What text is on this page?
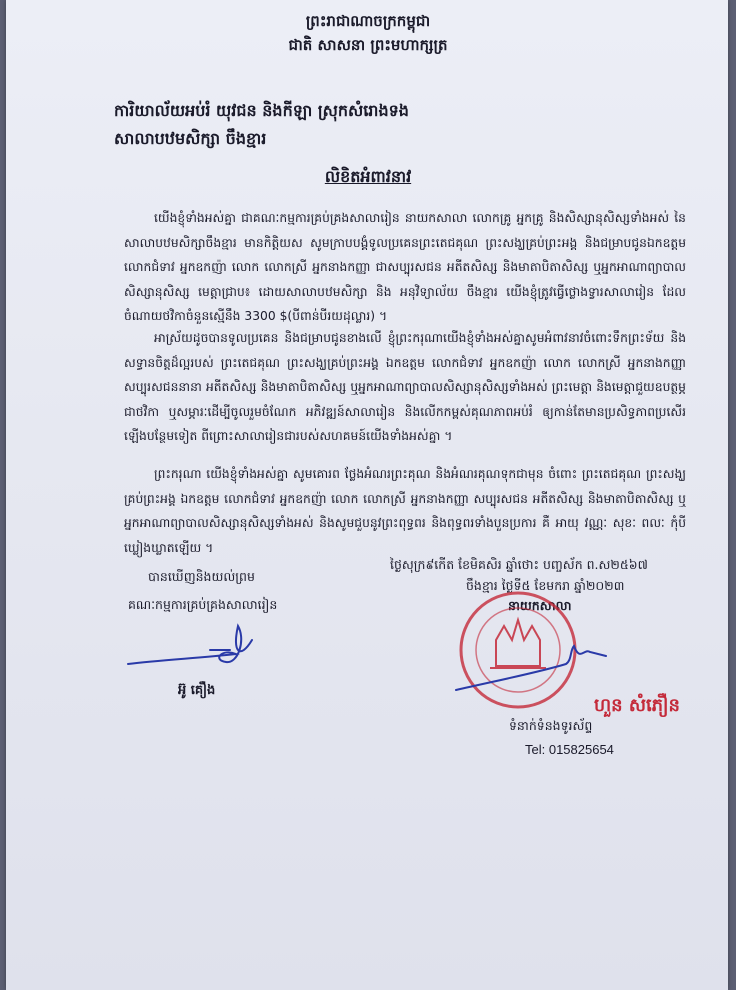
ព្រះរាជាណាចក្រកម្ពុជា
ជាតិ សាសនា ព្រះមហាក្សត្រ
ការិយាល័យអប់រំ យុវជន និងកីឡា ស្រុកសំរោងទង
សាលាបឋមសិក្សា ចឹងខ្មារ
លិខិតអំពាវនាវ
យើងខ្ញុំទាំងអស់គ្នា ជាគណៈកម្មការគ្រប់គ្រងសាលារៀន នាយកសាលា លោកគ្រូ អ្នកគ្រូ និងសិស្សានុសិស្សទាំងអស់ នៃសាលាបឋមសិក្សាចឹងខ្មារ មានកិត្តិយស សូមក្រាបបង្គំទូលប្រគេនព្រះតេជគុណ ព្រះសង្ឃគ្រប់ព្រះអង្គ និងជម្រាបជូនឯកឧត្តម លោកជំទាវ អ្នកឧកញ៉ា លោក លោកស្រី អ្នកនាងកញ្ញា ជាសប្បុរសជន អតីតសិស្ស និងមាតាបិតាសិស្ស ឬអ្នកអាណាព្យាបាលសិស្សានុសិស្ស មេត្តាជ្រាប៖ ដោយសាលាបឋមសិក្សា និង អនុវិទ្យាល័យ ចឹងខ្មារ យើងខ្ញុំត្រូវធ្វើថ្លោងទ្វារសាលារៀន ដែលចំណាយថវិកាចំនួនស្មើនឹង 3300 $(បីពាន់បីរយដុល្លារ) ។
អាស្រ័យដូចបានទូលប្រគេន និងជម្រាបជូនខាងលើ ខ្ញុំព្រះករុណាយើងខ្ញុំទាំងអស់គ្នាសូមអំពាវនាវចំពោះទឹកព្រះទ័យ និងសទ្ធានចិត្តដ៏ល្អរបស់ ព្រះតេជគុណ ព្រះសង្ឃគ្រប់ព្រះអង្គ ឯកឧត្តម លោកជំទាវ អ្នកឧកញ៉ា លោក លោកស្រី អ្នកនាងកញ្ញា សប្បុរសជននានា អតីតសិស្ស និងមាតាបិតាសិស្ស ឬអ្នកអាណាព្យាបាលសិស្សានុសិស្សទាំងអស់ ព្រះមេត្តា និងមេត្តាជួយឧបត្ថម្ភជាថវិកា ឬសម្ភារៈដើម្បីចូលរួមចំណែក អភិវឌ្ឍន៍សាលារៀន និងលើកកម្ពស់គុណភាពអប់រំ ឲ្យកាន់តែមានប្រសិទ្ធភាពប្រសើរឡើងបន្ថែមទៀត ពីព្រោះសាលារៀនជារបស់សហគមន៍យើងទាំងអស់គ្នា ។
ព្រះករុណា យើងខ្ញុំទាំងអស់គ្នា សូមគោរព ថ្លែងអំណរព្រះគុណ និងអំណរគុណទុកជាមុន ចំពោះ ព្រះតេជគុណ ព្រះសង្ឃគ្រប់ព្រះអង្គ ឯកឧត្តម លោកជំទាវ អ្នកឧកញ៉ា លោក លោកស្រី អ្នកនាងកញ្ញា សប្បុរសជន អតីតសិស្ស និងមាតាបិតាសិស្ស ឬអ្នកអាណាព្យាបាលសិស្សានុសិស្សទាំងអស់ និងសូមជួបនូវព្រះពុទ្ធពរ និងពុទ្ធពរទាំងបួនប្រការ គឺ អាយុ វណ្ណៈ សុខៈ ពលៈ កុំបីឃ្លៀងឃ្លាតឡើយ ។
បានឃើញនិងយល់ព្រម
គណៈកម្មការគ្រប់គ្រងសាលារៀន
អ៊ូ គឿង
ថ្ងៃសុក្រ៩កើត ខែមិគសិរ ឆ្នាំថោះ បញ្ចស័ក ព.ស២៥៦៧
ចឹងខ្មារ ថ្ងៃទី៥ ខែមករា ឆ្នាំ២០២៣
នាយកសាលា
ហួន សំភឿន
ទំនាក់ទំនងទូរស័ព្ទ
Tel: 015825654
